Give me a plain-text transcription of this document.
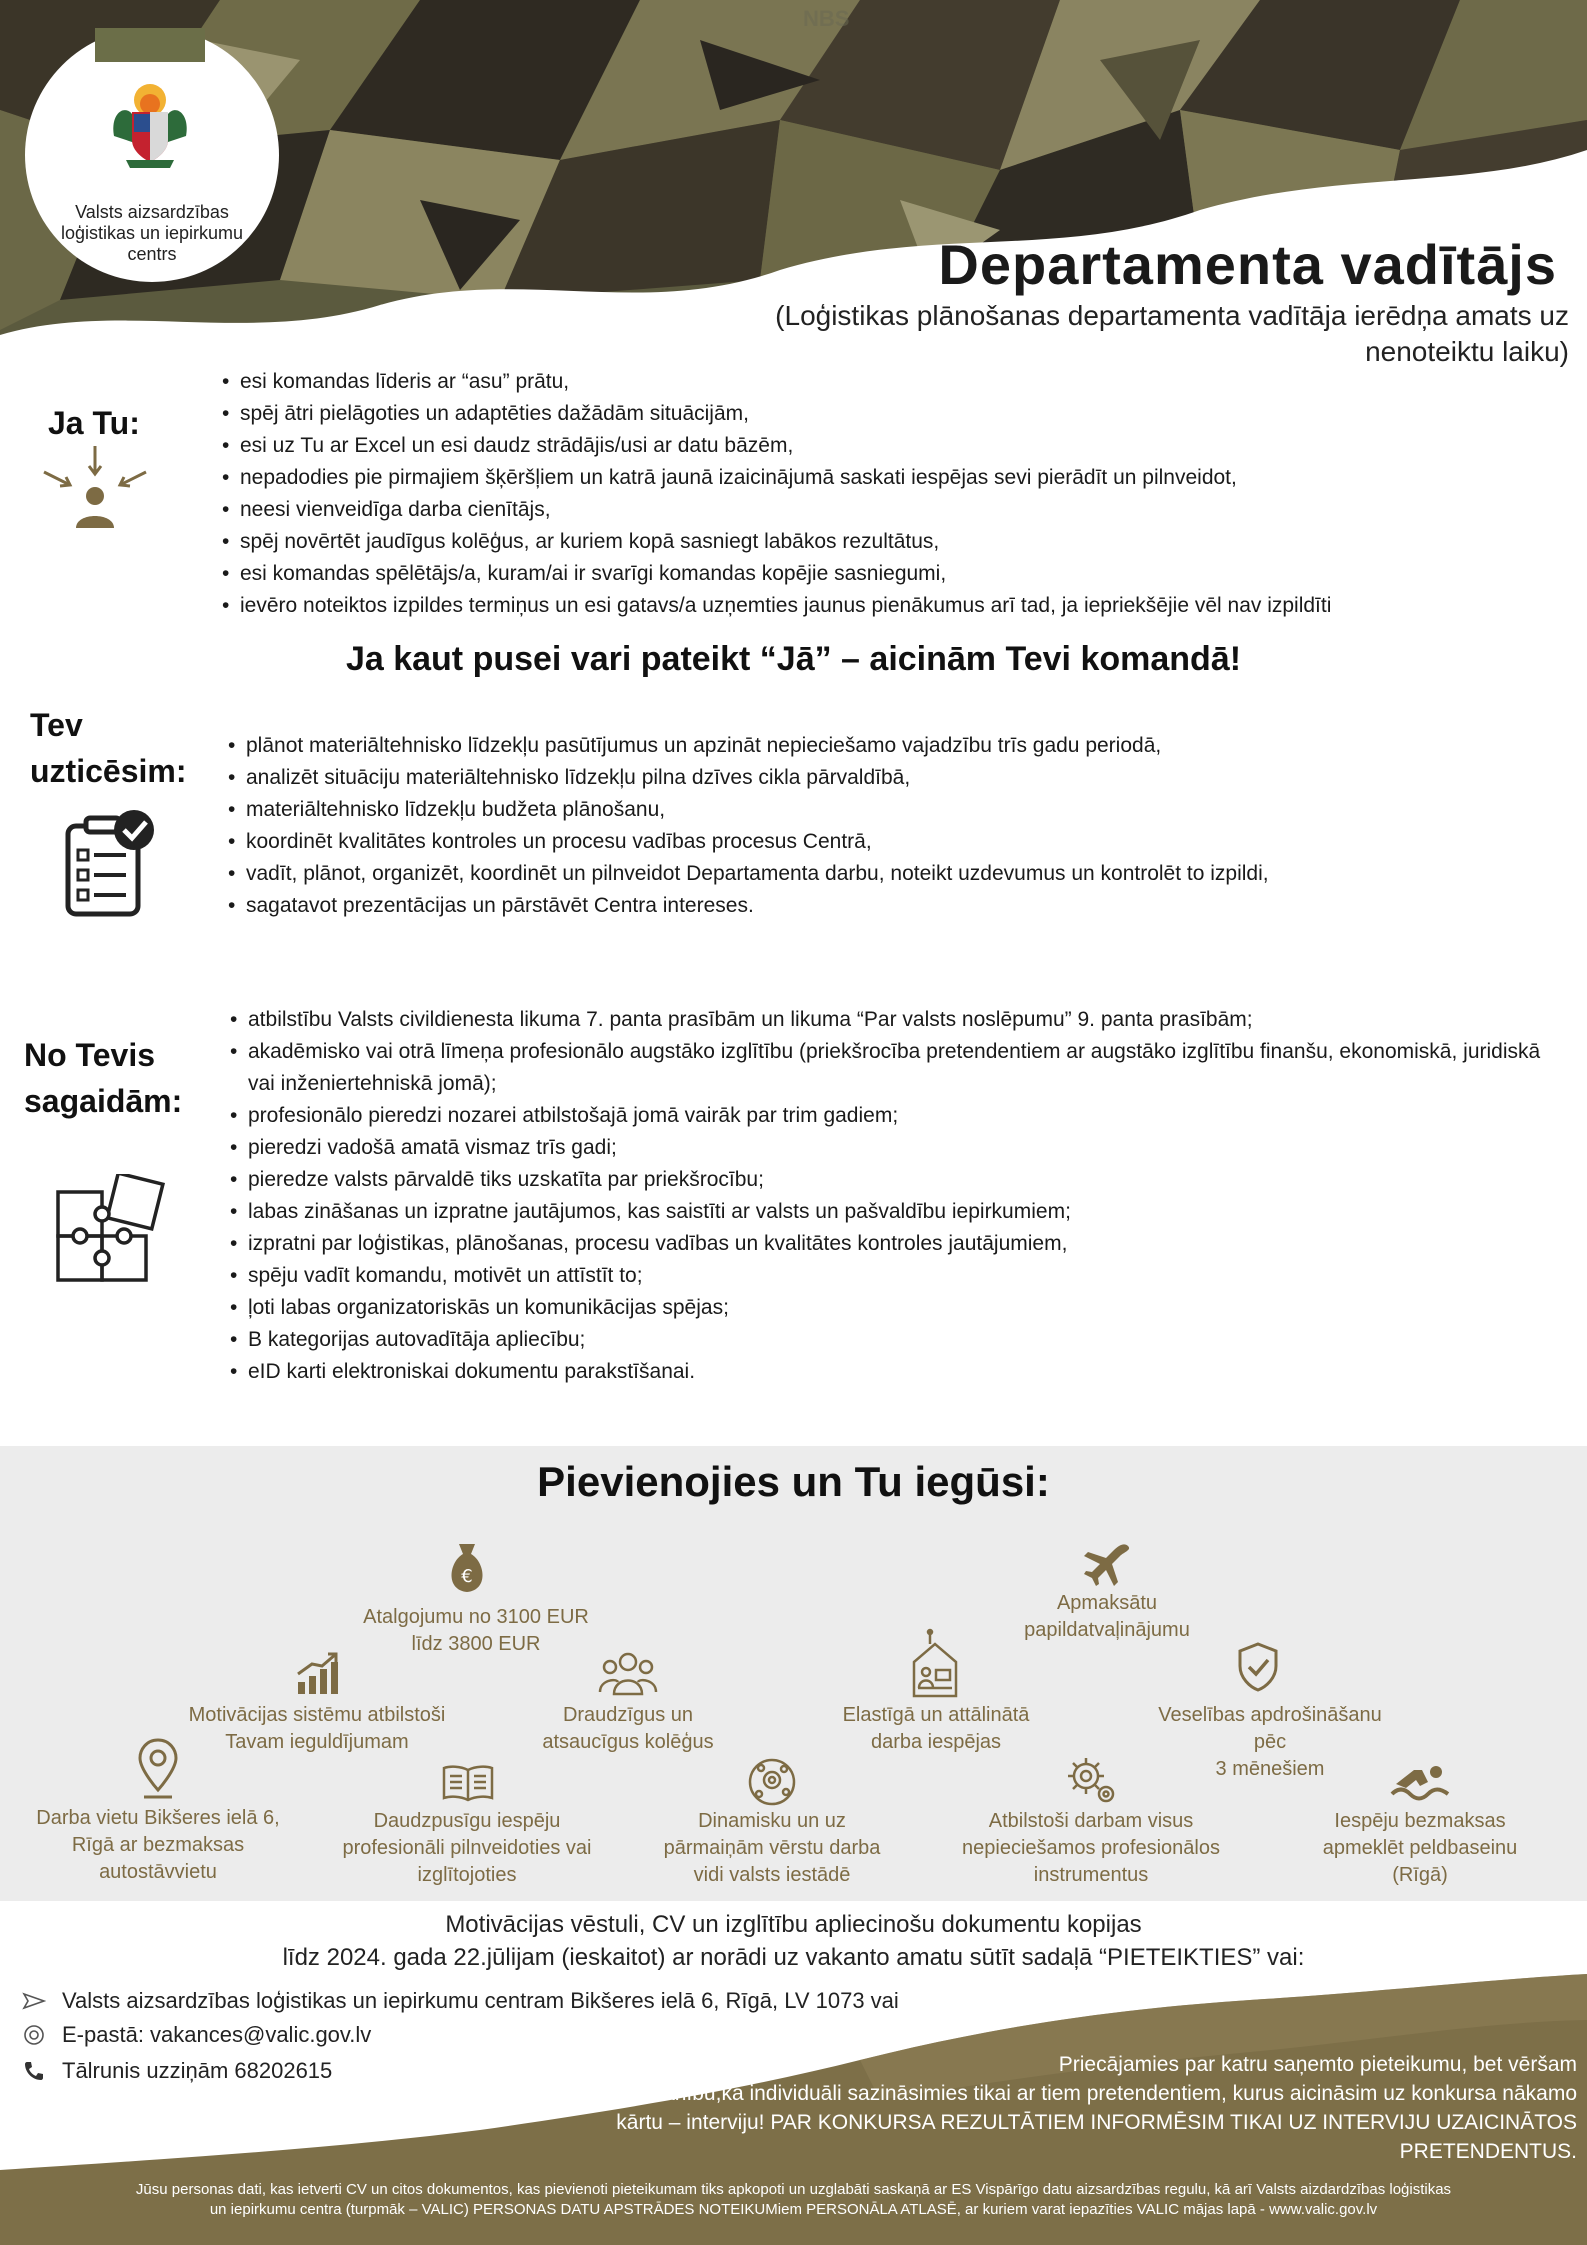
NBS
Valsts aizsardzības loģistikas un iepirkumu centrs	Departamenta vadītājs
(Loģistikas plānošanas departamenta vadītāja ierēdņa amats uz nenoteiktu laiku)
Ja Tu:
• esi komandas līderis ar “asu” prātu,
• spēj ātri pielāgoties un adaptēties dažādām situācijām,
• esi uz Tu ar Excel un esi daudz strādājis/usi ar datu bāzēm,
• nepadodies pie pirmajiem šķēršļiem un katrā jaunā izaicinājumā saskati iespējas sevi pierādīt un pilnveidot,
• neesi vienveidīga darba cienītājs,
• spēj novērtēt jaudīgus kolēģus, ar kuriem kopā sasniegt labākos rezultātus,
• esi komandas spēlētājs/a, kuram/ai ir svarīgi komandas kopējie sasniegumi,
• ievēro noteiktos izpildes termiņus un esi gatavs/a uzņemties jaunus pienākumus arī tad, ja iepriekšējie vēl nav izpildīti
Ja kaut pusei vari pateikt “Jā” – aicinām Tevi komandā!
Tev
uzticēsim:
• plānot materiāltehnisko līdzekļu pasūtījumus un apzināt nepieciešamo vajadzību trīs gadu periodā,
• analizēt situāciju materiāltehnisko līdzekļu pilna dzīves cikla pārvaldībā,
• materiāltehnisko līdzekļu budžeta plānošanu,
• koordinēt kvalitātes kontroles un procesu vadības procesus Centrā,
• vadīt, plānot, organizēt, koordinēt un pilnveidot Departamenta darbu, noteikt uzdevumus un kontrolēt to izpildi,
• sagatavot prezentācijas un pārstāvēt Centra intereses.
No Tevis
sagaidām:
• atbilstību Valsts civildienesta likuma 7. panta prasībām un likuma “Par valsts noslēpumu” 9. panta prasībām;
• akadēmisko vai otrā līmeņa profesionālo augstāko izglītību (priekšrocība pretendentiem ar augstāko izglītību finanšu, ekonomiskā, juridiskā vai inženiertehniskā jomā);
• profesionālo pieredzi nozarei atbilstošajā jomā vairāk par trim gadiem;
• pieredzi vadošā amatā vismaz trīs gadi;
• pieredze valsts pārvaldē tiks uzskatīta par priekšrocību;
• labas zināšanas un izpratne jautājumos, kas saistīti ar valsts un pašvaldību iepirkumiem;
• izpratni par loģistikas, plānošanas, procesu vadības un kvalitātes kontroles jautājumiem,
• spēju vadīt komandu, motivēt un attīstīt to;
• ļoti labas organizatoriskās un komunikācijas spējas;
• B kategorijas autovadītāja apliecību;
• eID karti elektroniskai dokumentu parakstīšanai.
Pievienojies un Tu iegūsi:
€
Atalgojumu no 3100 EUR
līdz 3800 EUR
Apmaksātu
papildatvaļinājumu
Motivācijas sistēmu atbilstoši
Tavam ieguldījumam
Draudzīgus un
atsaucīgus kolēģus
Elastīgā un attālinātā
darba iespējas
Veselības apdrošināšanu
pēc
3 mēnešiem
Darba vietu Bikšeres ielā 6,
Rīgā ar bezmaksas
autostāvvietu
Daudzpusīgu iespēju
profesionāli pilnveidoties vai
izglītojoties
Dinamisku un uz
pārmaiņām vērstu darba
vidi valsts iestādē
Atbilstoši darbam visus
nepieciešamos profesionālos
instrumentus
Iespēju bezmaksas
apmeklēt peldbaseinu
(Rīgā)
Motivācijas vēstuli, CV un izglītību apliecinošu dokumentu kopijas
līdz 2024. gada 22.jūlijam (ieskaitot) ar norādi uz vakanto amatu sūtīt sadaļā “PIETEIKTIES” vai:
Valsts aizsardzības loģistikas un iepirkumu centram Bikšeres ielā 6, Rīgā, LV 1073 vai
E-pastā: vakances@valic.gov.lv
Tālrunis uzziņām 68202615	Priecājamies par katru saņemto pieteikumu, bet vēršam
uzmanību,ka individuāli sazināsimies tikai ar tiem pretendentiem, kurus aicināsim uz konkursa nākamo
kārtu – interviju! PAR KONKURSA REZULTĀTIEM INFORMĒSIM TIKAI UZ INTERVIJU UZAICINĀTOS
PRETENDENTUS.
Jūsu personas dati, kas ietverti CV un citos dokumentos, kas pievienoti pieteikumam tiks apkopoti un uzglabāti saskaņā ar ES Vispārīgo datu aizsardzības regulu, kā arī Valsts aizdardzības loģistikas
un iepirkumu centra (turpmāk – VALIC) PERSONAS DATU APSTRĀDES NOTEIKUMiem PERSONĀLA ATLASĒ, ar kuriem varat iepazīties VALIC mājas lapā - www.valic.gov.lv
